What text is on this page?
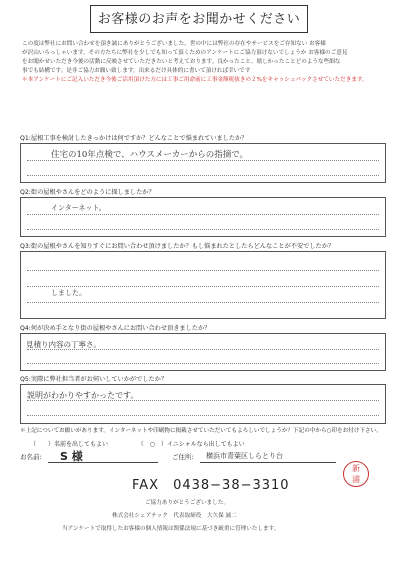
お客様のお声をお聞かせください
この度は弊社にお問い合わせを頂き誠にありがとうございました。世の中には弊社の存在やサービスをご存知ない お客様
が沢山いらっしゃいます。その方たちに弊社を少しでも知って頂くためのアンケートにご協力頂けないでしょうか お客様のご意見
をお聞かせいただき今後の活動に反映させていただきたいと考えております。良かったこと、嬉しかったことどのような些細な
事でも結構です。是非ご協力お願い致します。出来るだけ具体的に書いて頂ければ幸いです
＊本アンケートにご記入いただき今後ご活用頂けた方には工事ご用命前に工事金額税抜きの２%をキャッシュバックさせていただきます。
Q1:屋根工事を検討したきっかけは何ですか？どんなことで悩まれていましたか？
住宅の10年点検で、ハウスメーカーからの指摘で。
Q2:街の屋根やさんをどのように探しましたか？
インターネット。
Q3:街の屋根やさんを知りすぐにお問い合わせ頂けましたか？もし悩まれたとしたらどんなことが不安でしたか？
しました。
Q4:何が決め手となり街の屋根やさんにお問い合わせ頂きましたか？
見積り内容の丁寧さ。
Q5:実際に弊社担当者がお伺いしていかがでしたか？
説明がわかりやすかったです。
＊上記についてお願いがあります。インターネットや印刷物に掲載させていただいてもよろしいでしょうか？下記の中から○印をお付け下さい。
（　　）名前を出してもよい	（　○　）イニシャルなら出してもよい
お名前: S 様	ご住所: 横浜市青葉区しらとり台
新
浦
FAX　0438−38−3310
ご協力ありがとうございました。
株式会社シェアテック　代表取締役　大久保 誠二
当アンケートで取得したお客様の個人情報は関係法規に基づき厳重に管理いたします。
